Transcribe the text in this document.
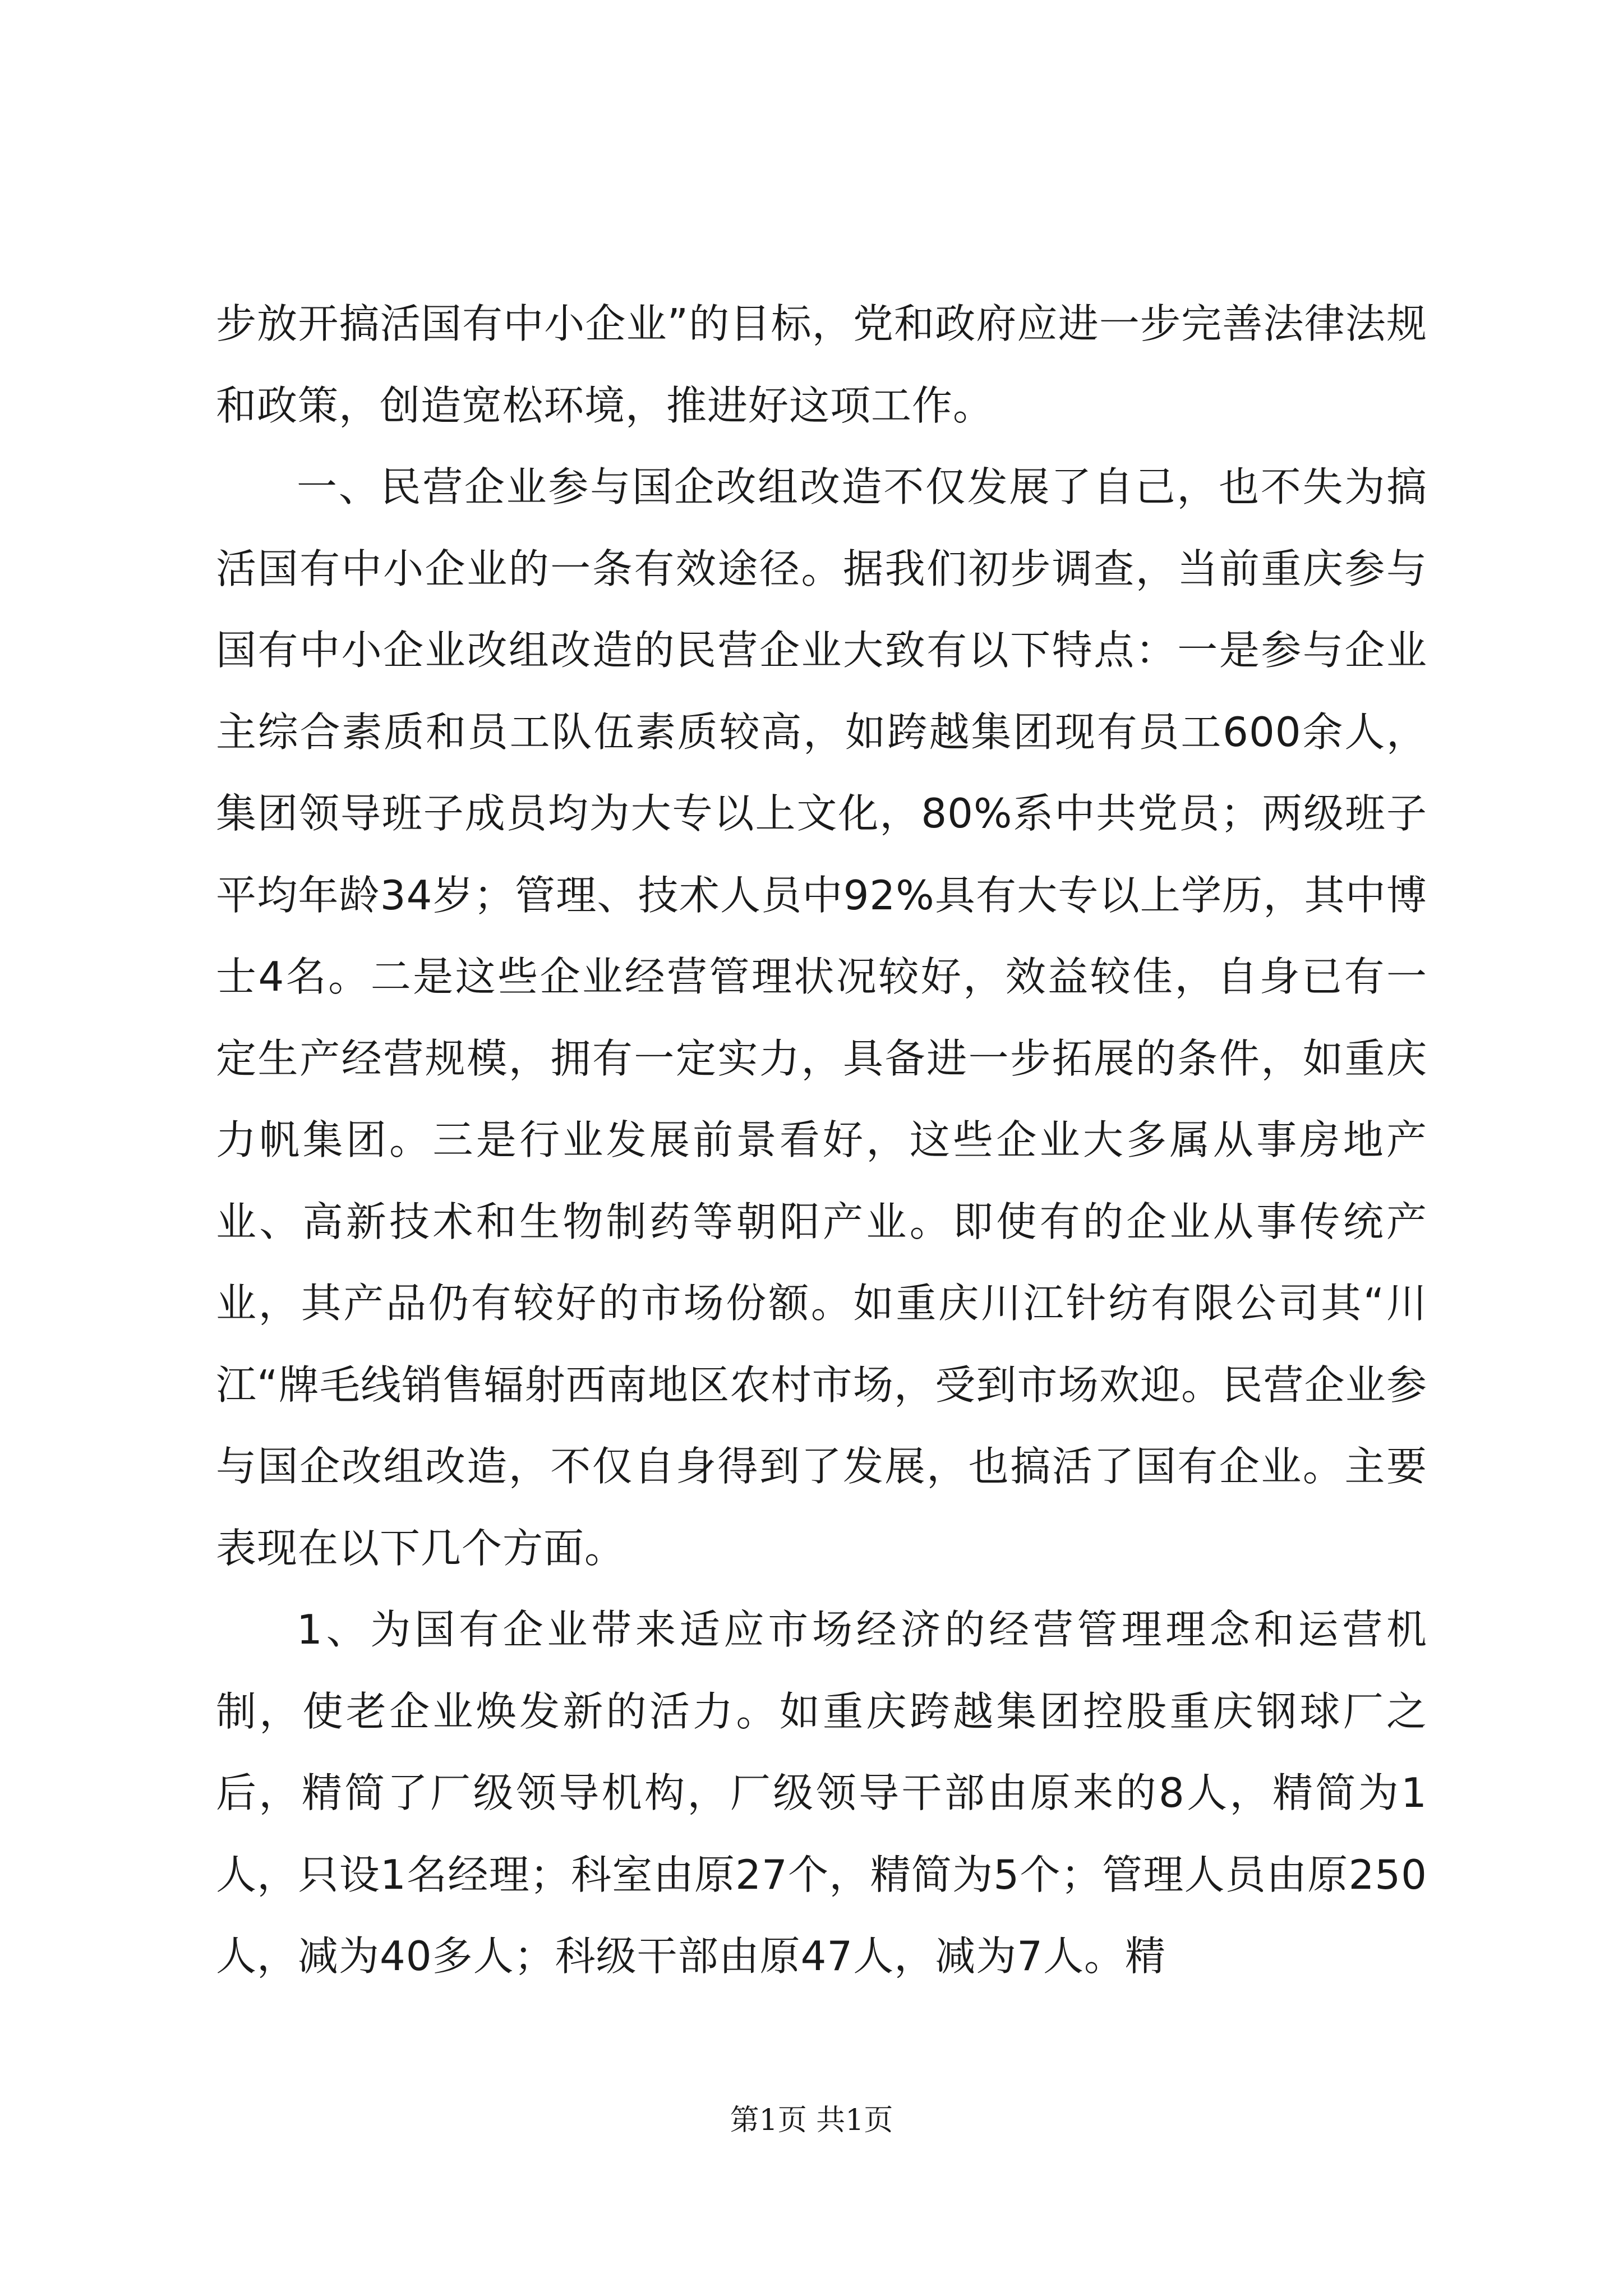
步放开搞活国有中小企业”的目标，党和政府应进一步完善法律法规和政策，创造宽松环境，推进好这项工作。

一、民营企业参与国企改组改造不仅发展了自己，也不失为搞活国有中小企业的一条有效途径。据我们初步调查，当前重庆参与国有中小企业改组改造的民营企业大致有以下特点：一是参与企业主综合素质和员工队伍素质较高，如跨越集团现有员工600余人，集团领导班子成员均为大专以上文化，80%系中共党员；两级班子平均年龄34岁；管理、技术人员中92%具有大专以上学历，其中博士4名。二是这些企业经营管理状况较好，效益较佳，自身已有一定生产经营规模，拥有一定实力，具备进一步拓展的条件，如重庆力帆集团。三是行业发展前景看好，这些企业大多属从事房地产业、高新技术和生物制药等朝阳产业。即使有的企业从事传统产业，其产品仍有较好的市场份额。如重庆川江针纺有限公司其“川江“牌毛线销售辐射西南地区农村市场，受到市场欢迎。民营企业参与国企改组改造，不仅自身得到了发展，也搞活了国有企业。主要表现在以下几个方面。

1、为国有企业带来适应市场经济的经营管理理念和运营机制，使老企业焕发新的活力。如重庆跨越集团控股重庆钢球厂之后，精简了厂级领导机构，厂级领导干部由原来的8人，精简为1人，只设1名经理；科室由原27个，精简为5个；管理人员由原250人，减为40多人；科级干部由原47人，减为7人。精

第1页 共1页
